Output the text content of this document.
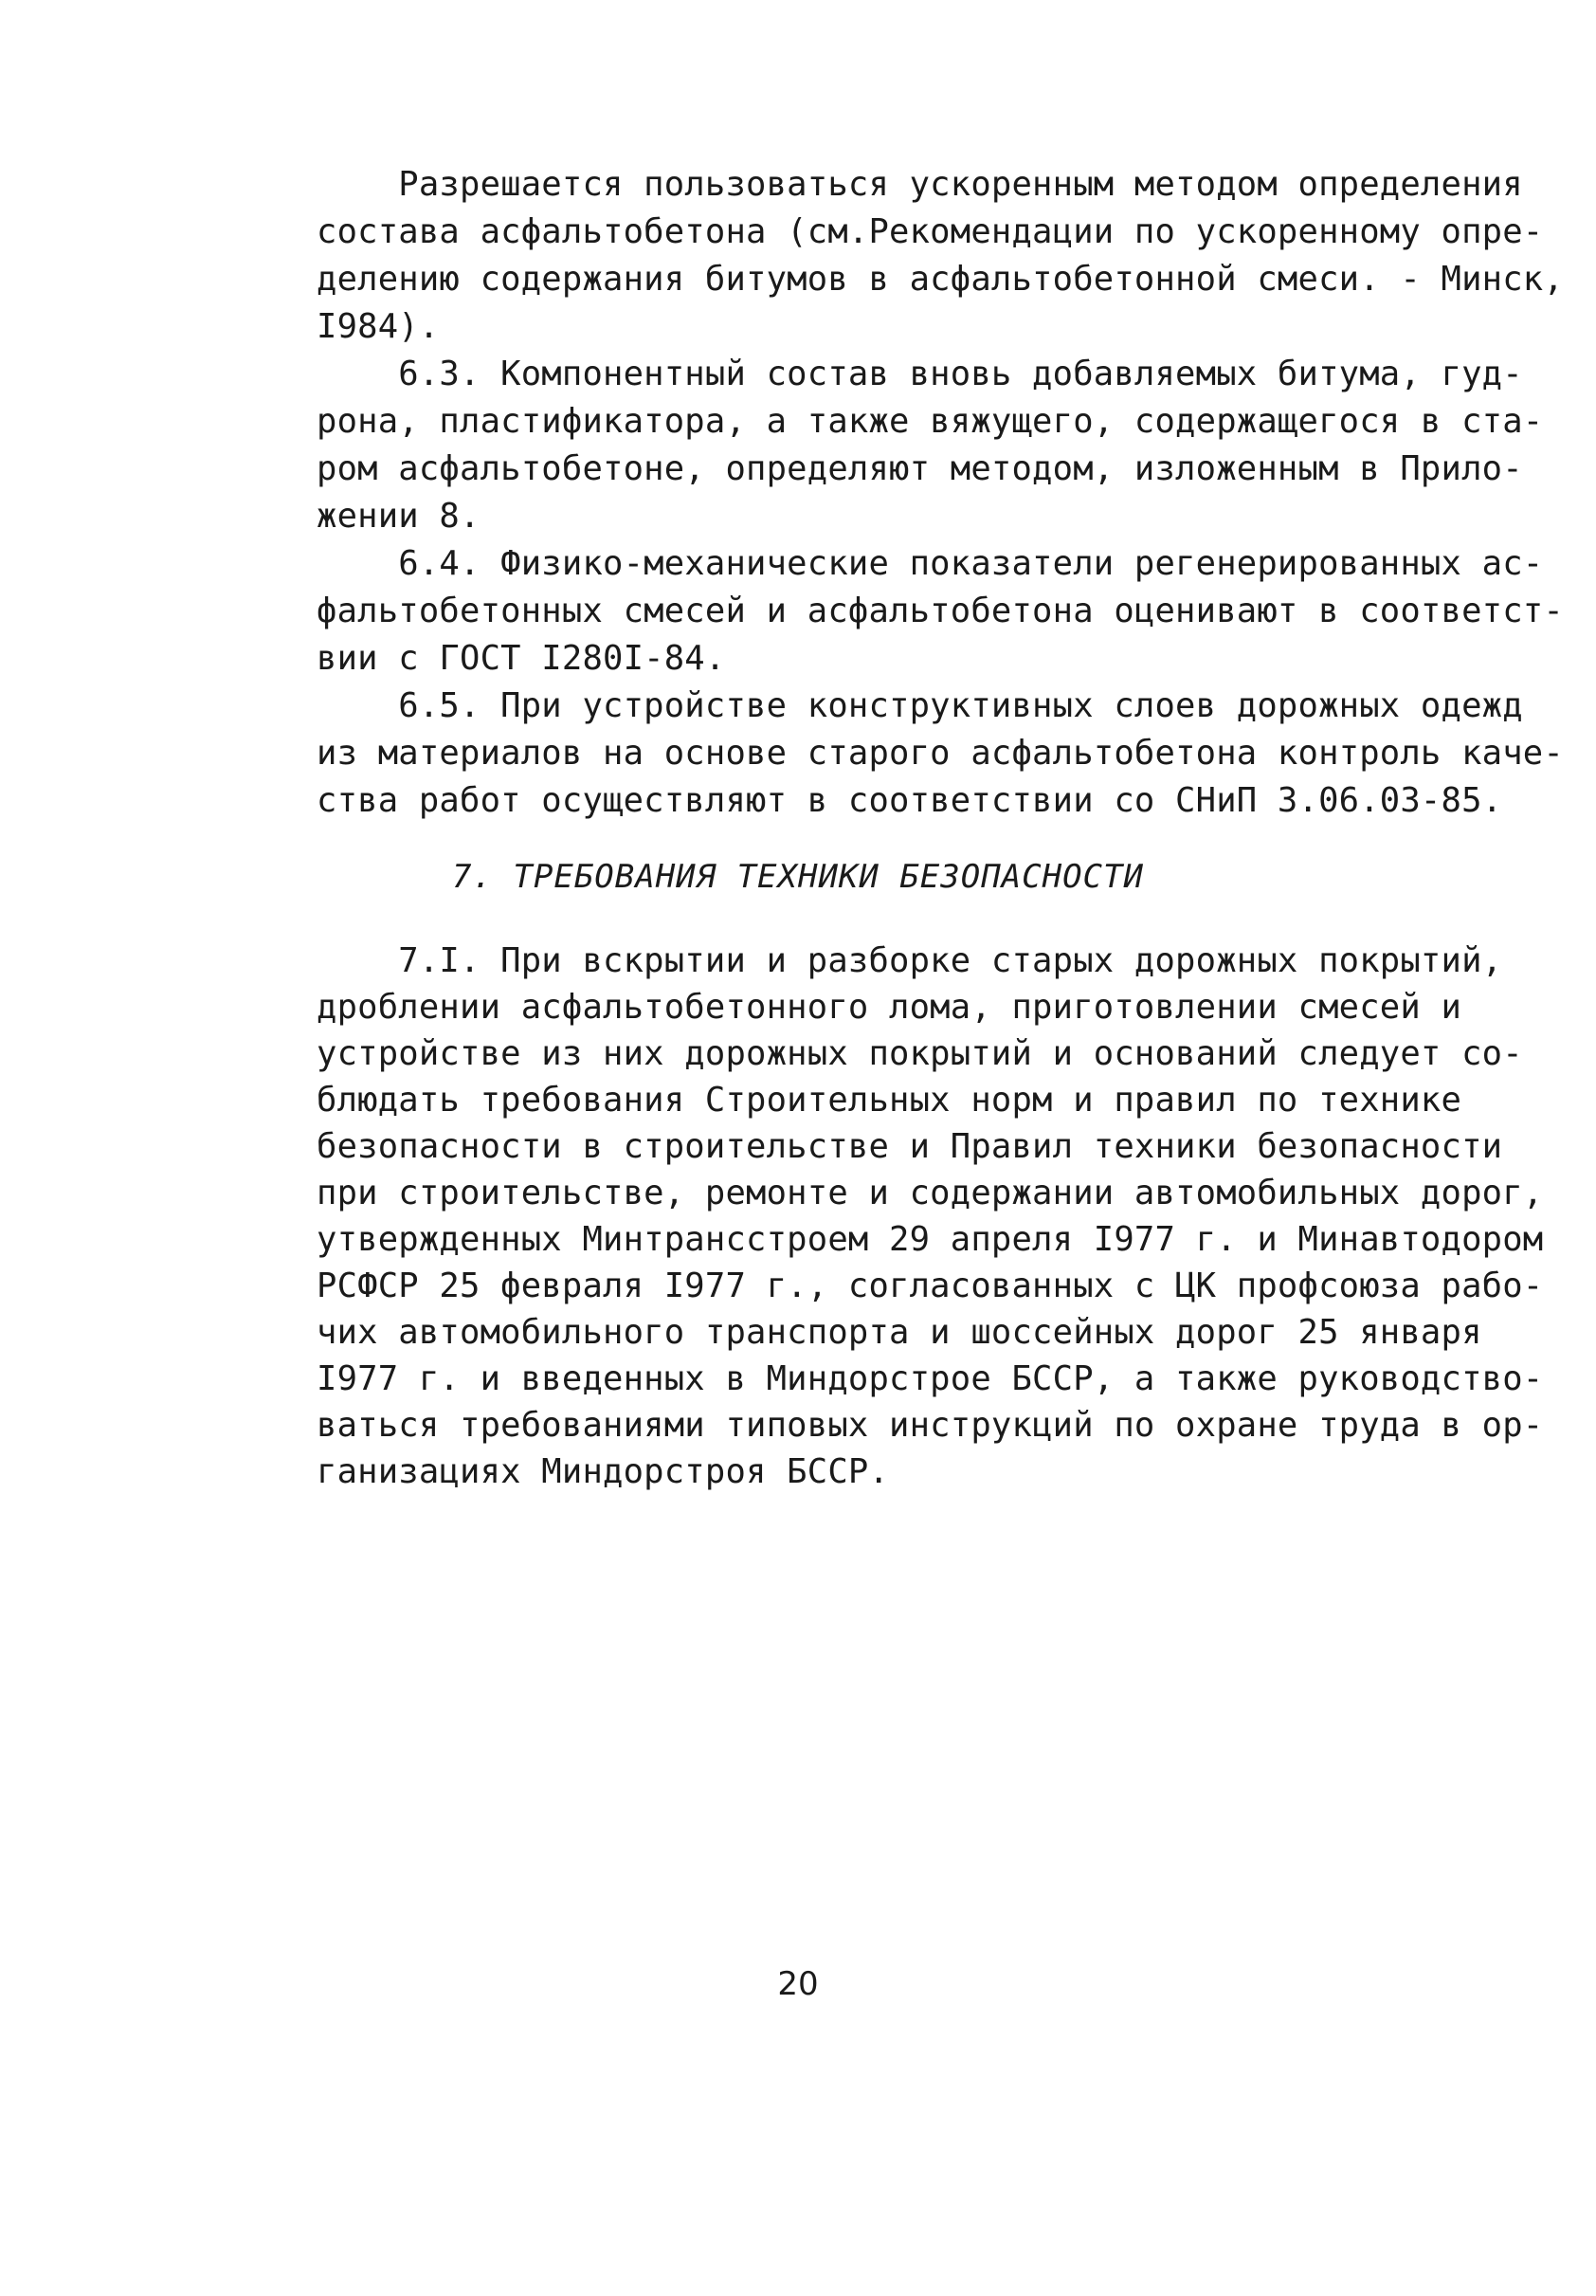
Разрешается пользоваться ускоренным методом определения
состава асфальтобетона (см.Рекомендации по ускоренному опре-
делению содержания битумов в асфальтобетонной смеси. - Минск,
I984).
6.3. Компонентный состав вновь добавляемых битума, гуд-
рона, пластификатора, а также вяжущего, содержащегося в ста-
ром асфальтобетоне, определяют методом, изложенным в Прило-
жении 8.
6.4. Физико-механические показатели регенерированных ас-
фальтобетонных смесей и асфальтобетона оценивают в соответст-
вии с ГОСТ I280I-84.
6.5. При устройстве конструктивных слоев дорожных одежд
из материалов на основе старого асфальтобетона контроль каче-
ства работ осуществляют в соответствии со СНиП 3.06.03-85.
7. ТРЕБОВАНИЯ ТЕХНИКИ БЕЗОПАСНОСТИ
7.I. При вскрытии и разборке старых дорожных покрытий,
дроблении асфальтобетонного лома, приготовлении смесей и
устройстве из них дорожных покрытий и оснований следует со-
блюдать требования Строительных норм и правил по технике
безопасности в строительстве и Правил техники безопасности
при строительстве, ремонте и содержании автомобильных дорог,
утвержденных Минтрансстроем 29 апреля I977 г. и Минавтодором
РСФСР 25 февраля I977 г., согласованных с ЦК профсоюза рабо-
чих автомобильного транспорта и шоссейных дорог 25 января
I977 г. и введенных в Миндорстрое БССР, а также руководство-
ваться требованиями типовых инструкций по охране труда в ор-
ганизациях Миндорстроя БССР.
20
